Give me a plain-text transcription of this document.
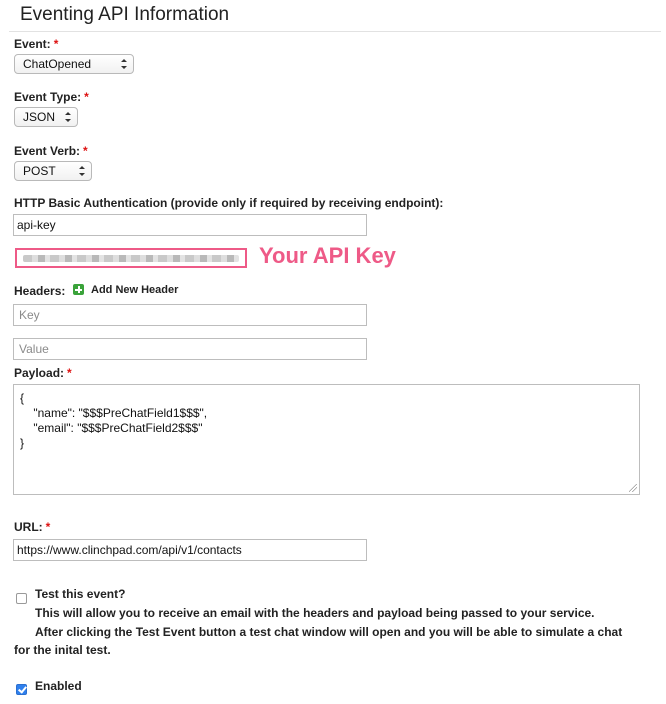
Eventing API Information
Event: *
ChatOpened
Event Type: *
JSON
Event Verb: *
POST
HTTP Basic Authentication (provide only if required by receiving endpoint):
api-key
Your API Key
Headers: Add New Header
Key
Value
Payload: *
{
"name": "$$$PreChatField1$$$",
"email": "$$$PreChatField2$$$"
}
URL: *
https://www.clinchpad.com/api/v1/contacts
Test this event?
This will allow you to receive an email with the headers and payload being passed to your service.
After clicking the Test Event button a test chat window will open and you will be able to simulate a chat
for the inital test.
Enabled
